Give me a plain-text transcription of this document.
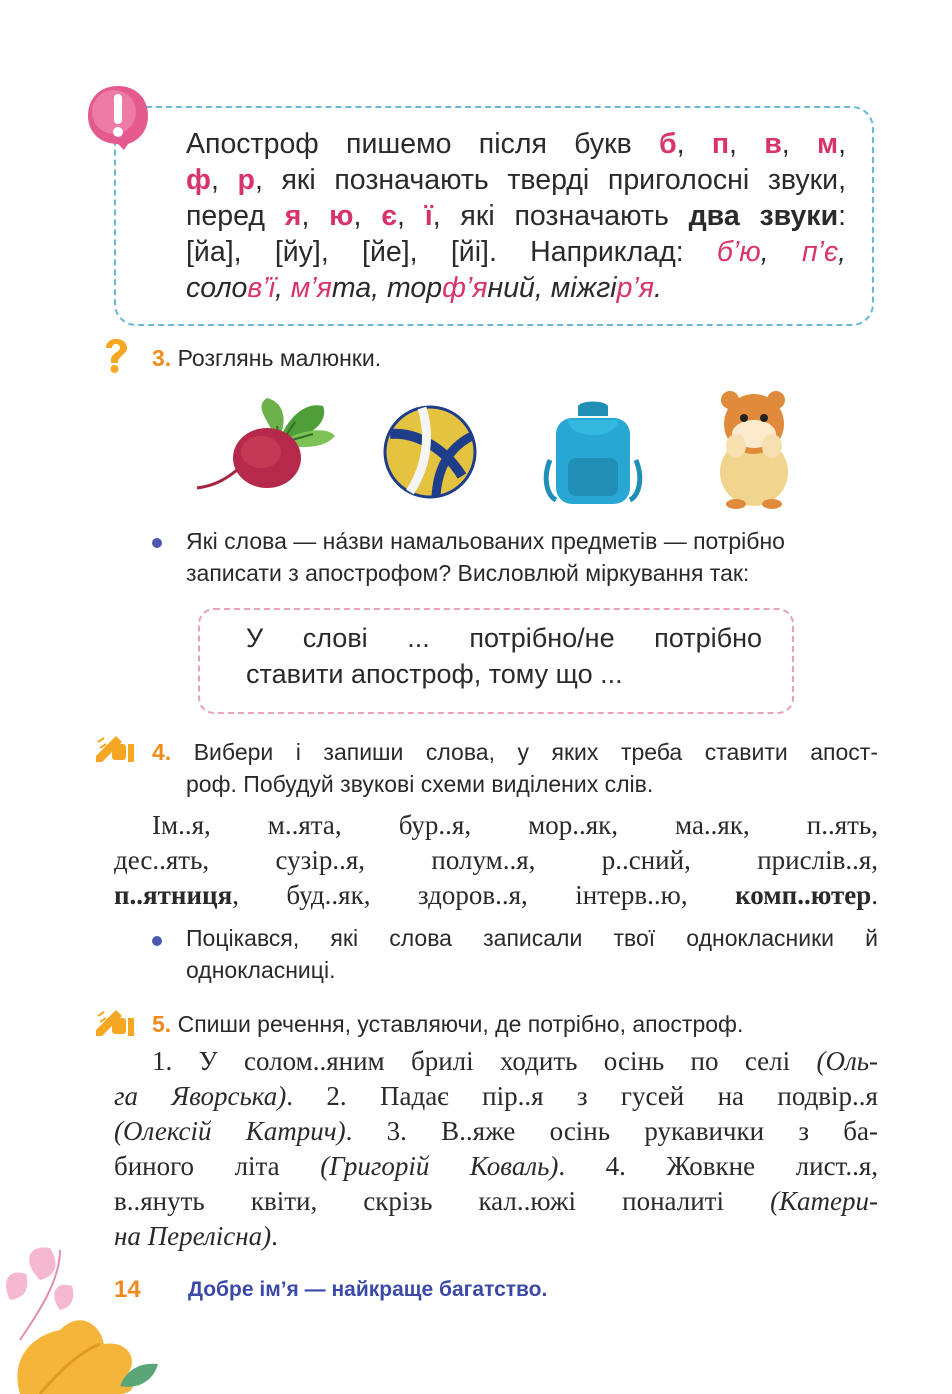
Апостроф пишемо після букв б, п, в, м,
ф, р, які позначають тверді приголосні звуки,
перед я, ю, є, ї, які позначають два звуки:
[йа], [йу], [йе], [йі]. Наприклад: б’ю, п’є,
солов’ї, м’ята, торф’яний, міжгір’я.
3. Розглянь малюнки.
Які слова — на́зви намальованих предметів — потрібно
записати з апострофом? Висловлюй міркування так:
У слові ... потрібно/не потрібно
ставити апостроф, тому що ...
4. Вибери і запиши слова, у яких треба ставити апост-
роф. Побудуй звукові схеми виділених слів.
Ім..я, м..ята, бур..я, мор..як, ма..як, п..ять,
дес..ять, сузір..я, полум..я, р..сний, прислів..я,
п..ятниця, буд..як, здоров..я, інтерв..ю, комп..ютер.
Поцікався, які слова записали твої однокласники й
однокласниці.
5. Спиши речення, уставляючи, де потрібно, апостроф.
1. У солом..яним брилі ходить осінь по селі (Оль-
га Яворська). 2. Падає пір..я з гусей на подвір..я
(Олексій Катрич). 3. В..яже осінь рукавички з ба-
биного літа (Григорій Коваль). 4. Жовкне лист..я,
в..януть квіти, скрізь кал..южі поналиті (Катери-
на Перелісна).
14 Добре ім’я — найкраще багатство.
